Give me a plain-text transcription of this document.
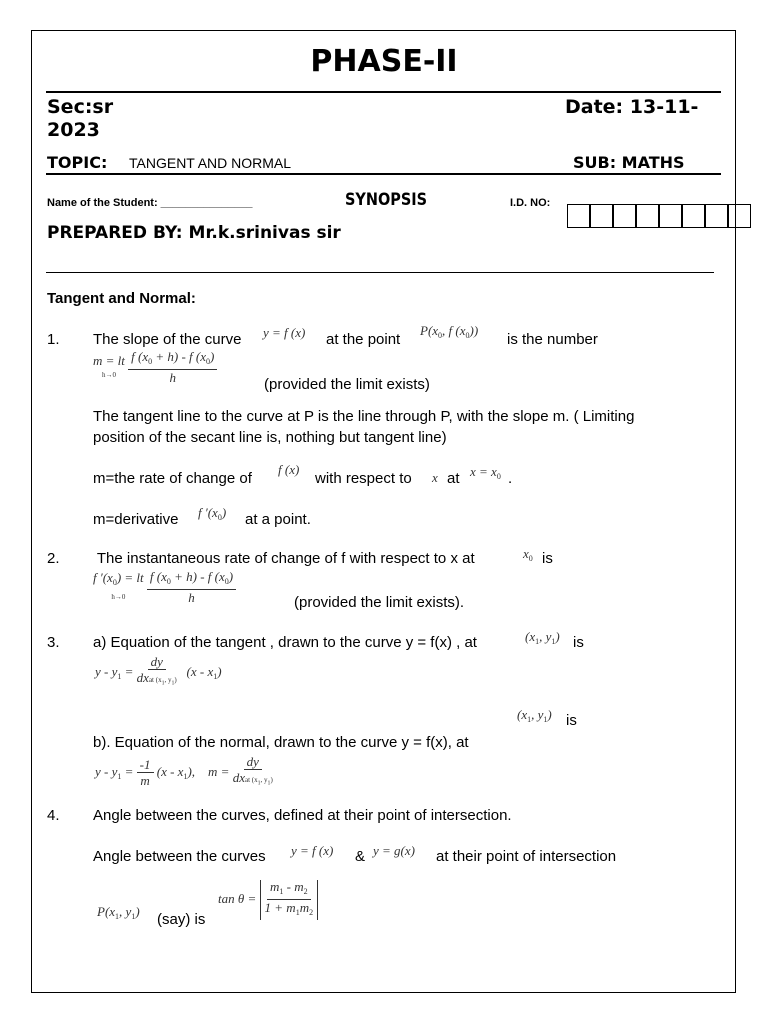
PHASE-II
Sec:sr	Date: 13-11-
2023
TOPIC: TANGENT AND NORMAL	SUB: MATHS
Name of the Student: _______________	SYNOPSIS	I.D. NO:
PREPARED BY: Mr.k.srinivas sir
Tangent and Normal:
1. The slope of the curve y = f (x) at the point
$P(x_0$, f $(x_0)$)
is the number
m = lt
$h\to 0 \frac{f (x_0 + h) - f (x_0)}{h}$	(provided the limit exists)
The tangent line to the curve at P is the line through P, with the slope m. ( Limiting
position of the secant line is, nothing but tangent line)
m=the rate of change of
f (x)
with respect to x at $x = x_0$ .
m=derivative f $'(x_0)$ at a point.
2. The instantaneous rate of change of f with respect to x at	$x_0$ is
f $'(x_0)$ = lt
$h\to 0 \frac{f (x_0 + h) - f (x_0)}{h}$	(provided the limit exists).
3. a) Equation of the tangent , drawn to the curve y = f(x) , at	($x_1$, $y_1$) is
$y - y_1 = \frac{dy}{dxat (x_1, y_1)} (x - x_1)$
($x_1$, $y_1$) is
b). Equation of the normal, drawn to the curve y = f(x), at
$y - y_1 = \frac{-1}{m} (x - x_1)$,    $m = \frac{dy}{dxat (x_1, y_1)}$
4. Angle between the curves, defined at their point of intersection.
Angle between the curves y = f (x) & y = g(x) at their point of intersection
$P(x_1$, $y_1$) (say) is
$\tan \theta = \frac{m_1 - m_2}{1 + m_1m_2}$
